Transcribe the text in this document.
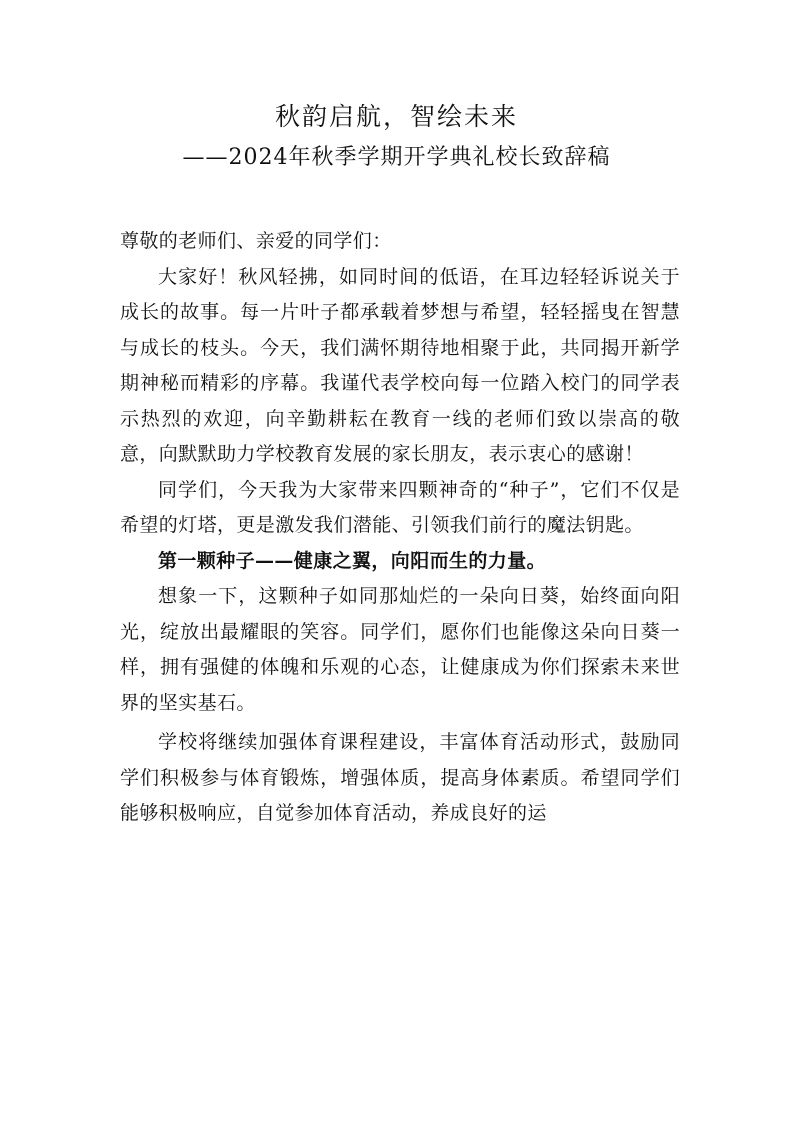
秋韵启航，智绘未来
——2024年秋季学期开学典礼校长致辞稿

尊敬的老师们、亲爱的同学们：

大家好！秋风轻拂，如同时间的低语，在耳边轻轻诉说关于成长的故事。每一片叶子都承载着梦想与希望，轻轻摇曳在智慧与成长的枝头。今天，我们满怀期待地相聚于此，共同揭开新学期神秘而精彩的序幕。我谨代表学校向每一位踏入校门的同学表示热烈的欢迎，向辛勤耕耘在教育一线的老师们致以崇高的敬意，向默默助力学校教育发展的家长朋友，表示衷心的感谢！

同学们，今天我为大家带来四颗神奇的“种子”，它们不仅是希望的灯塔，更是激发我们潜能、引领我们前行的魔法钥匙。

第一颗种子——健康之翼，向阳而生的力量。

想象一下，这颗种子如同那灿烂的一朵向日葵，始终面向阳光，绽放出最耀眼的笑容。同学们，愿你们也能像这朵向日葵一样，拥有强健的体魄和乐观的心态，让健康成为你们探索未来世界的坚实基石。

学校将继续加强体育课程建设，丰富体育活动形式，鼓励同学们积极参与体育锻炼，增强体质，提高身体素质。希望同学们能够积极响应，自觉参加体育活动，养成良好的运
